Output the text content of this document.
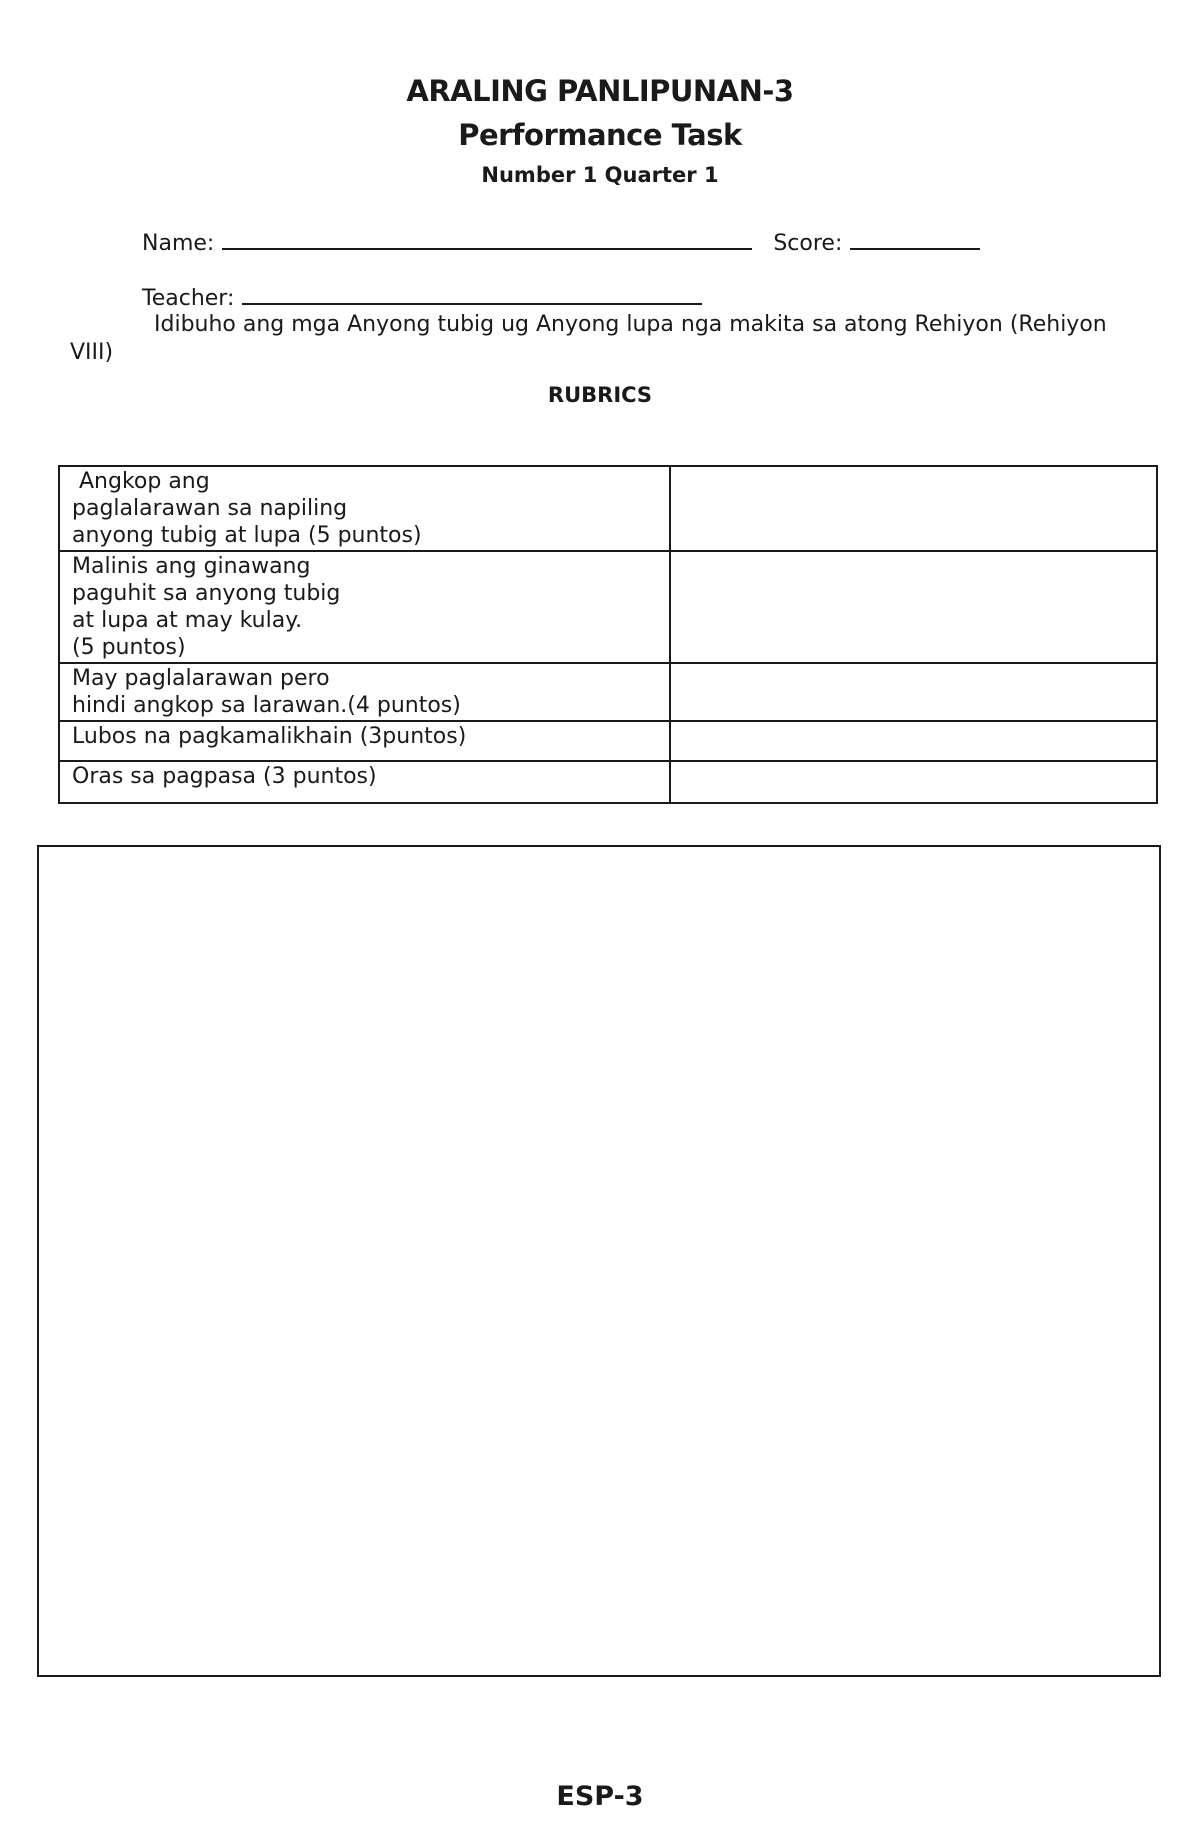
ARALING PANLIPUNAN-3

Performance Task

Number 1 Quarter 1

Name:	Score:
Teacher:

Idibuho ang mga Anyong tubig ug Anyong lupa nga makita sa atong Rehiyon (Rehiyon VIII)

RUBRICS

Angkop ang
paglalarawan sa napiling
anyong tubig at lupa (5 puntos)	

Malinis ang ginawang
paguhit sa anyong tubig
at lupa at may kulay.
(5 puntos)	

May paglalarawan pero
hindi angkop sa larawan.(4 puntos)	

Lubos na pagkamalikhain (3puntos)	

Oras sa pagpasa (3 puntos)	

ESP-3
